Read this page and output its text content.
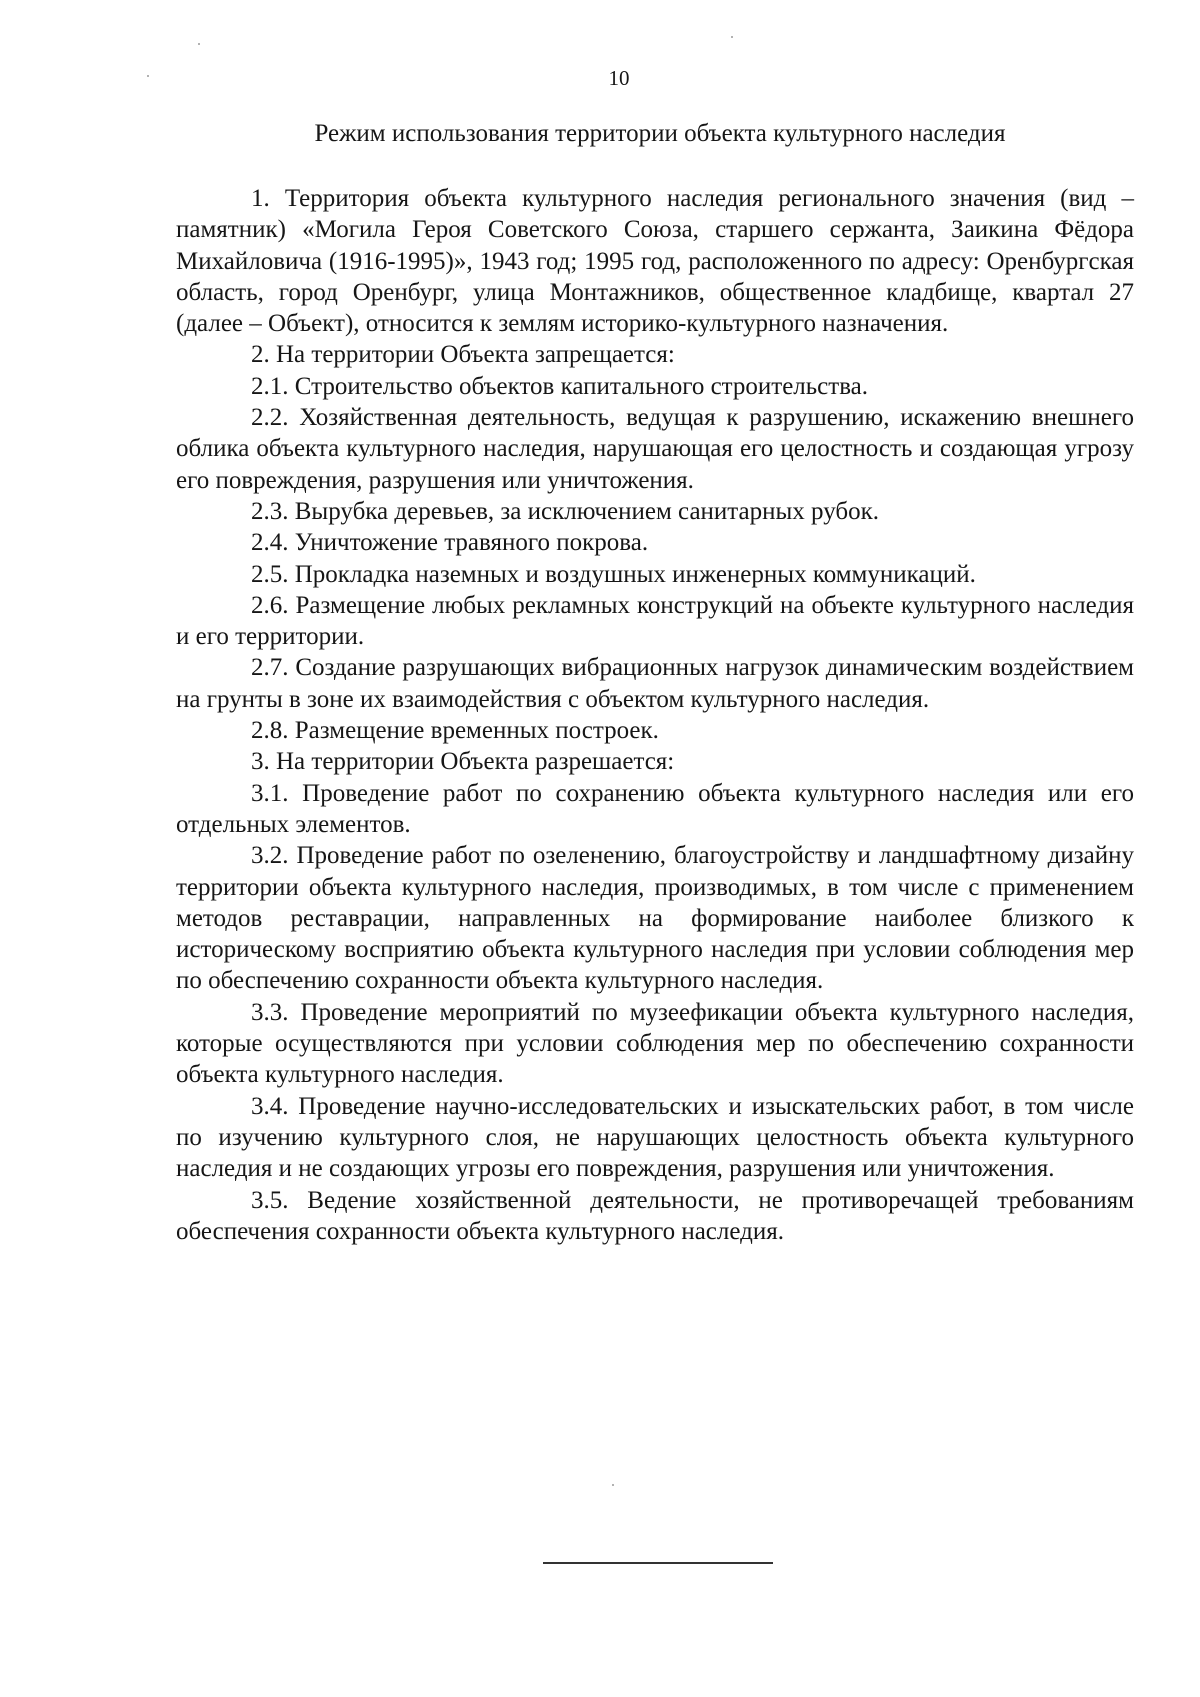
10
Режим использования территории объекта культурного наследия

1. Территория объекта культурного наследия регионального значения (вид – памятник) «Могила Героя Советского Союза, старшего сержанта, Заикина Фёдора Михайловича (1916-1995)», 1943 год; 1995 год, расположенного по адресу: Оренбургская область, город Оренбург, улица Монтажников, общественное кладбище, квартал 27 (далее – Объект), относится к землям историко-культурного назначения.

2. На территории Объекта запрещается:

2.1. Строительство объектов капитального строительства.

2.2. Хозяйственная деятельность, ведущая к разрушению, искажению внешнего облика объекта культурного наследия, нарушающая его целостность и создающая угрозу его повреждения, разрушения или уничтожения.

2.3. Вырубка деревьев, за исключением санитарных рубок.

2.4. Уничтожение травяного покрова.

2.5. Прокладка наземных и воздушных инженерных коммуникаций.

2.6. Размещение любых рекламных конструкций на объекте культурного наследия и его территории.

2.7. Создание разрушающих вибрационных нагрузок динамическим воздействием на грунты в зоне их взаимодействия с объектом культурного наследия.

2.8. Размещение временных построек.

3. На территории Объекта разрешается:

3.1. Проведение работ по сохранению объекта культурного наследия или его отдельных элементов.

3.2. Проведение работ по озеленению, благоустройству и ландшафтному дизайну территории объекта культурного наследия, производимых, в том числе с применением методов реставрации, направленных на формирование наиболее близкого к историческому восприятию объекта культурного наследия при условии соблюдения мер по обеспечению сохранности объекта культурного наследия.

3.3. Проведение мероприятий по музеефикации объекта культурного наследия, которые осуществляются при условии соблюдения мер по обеспечению сохранности объекта культурного наследия.

3.4. Проведение научно-исследовательских и изыскательских работ, в том числе по изучению культурного слоя, не нарушающих целостность объекта культурного наследия и не создающих угрозы его повреждения, разрушения или уничтожения.

3.5. Ведение хозяйственной деятельности, не противоречащей требованиям обеспечения сохранности объекта культурного наследия.
